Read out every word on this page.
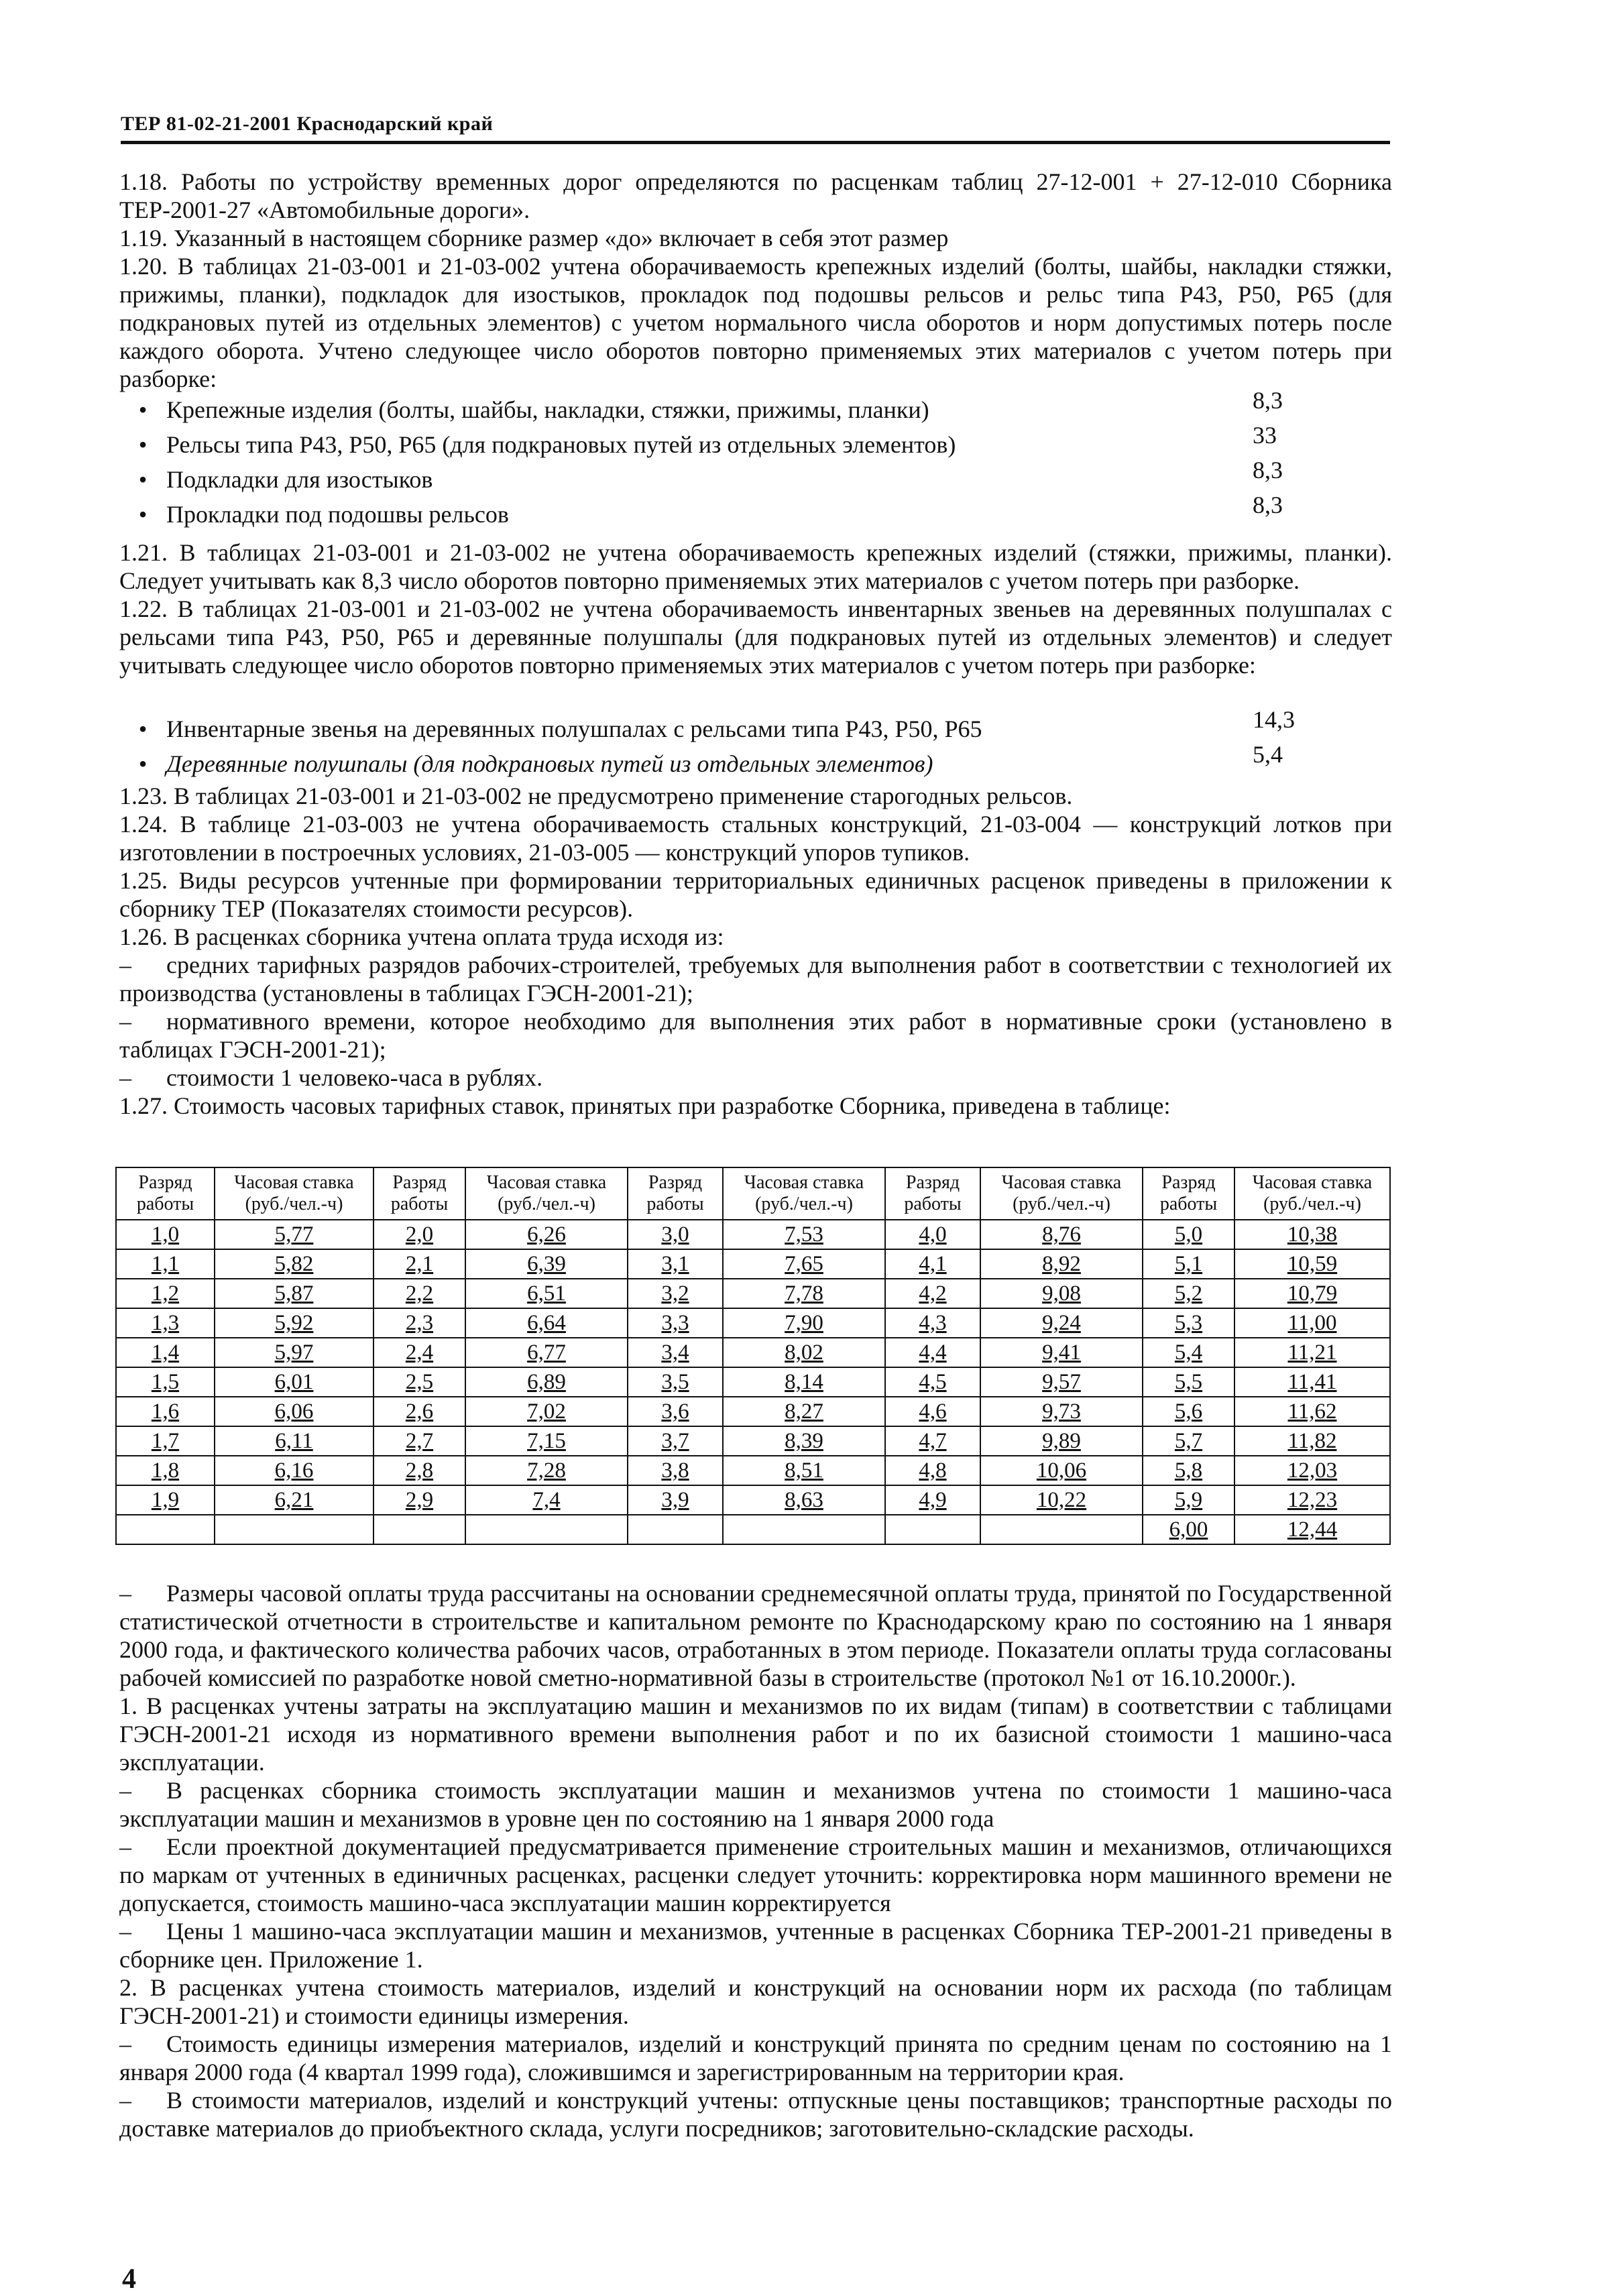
ТЕР 81-02-21-2001 Краснодарский край

1.18. Работы по устройству временных дорог определяются по расценкам таблиц 27-12-001 + 27-12-010 Сборника ТЕР-2001-27 «Автомобильные дороги».

1.19. Указанный в настоящем сборнике размер «до» включает в себя этот размер

1.20. В таблицах 21-03-001 и 21-03-002 учтена оборачиваемость крепежных изделий (болты, шайбы, накладки стяжки, прижимы, планки), подкладок для изостыков, прокладок под подошвы рельсов и рельс типа Р43, Р50, Р65 (для подкрановых путей из отдельных элементов) с учетом нормального числа оборотов и норм допустимых потерь после каждого оборота. Учтено следующее число оборотов повторно применяемых этих материалов с учетом потерь при разборке:

• Крепежные изделия (болты, шайбы, накладки, стяжки, прижимы, планки)	8,3
• Рельсы типа Р43, Р50, Р65 (для подкрановых путей из отдельных элементов)	33
• Подкладки для изостыков	8,3
• Прокладки под подошвы рельсов	8,3

1.21. В таблицах 21-03-001 и 21-03-002 не учтена оборачиваемость крепежных изделий (стяжки, прижимы, планки). Следует учитывать как 8,3 число оборотов повторно применяемых этих материалов с учетом потерь при разборке.

1.22. В таблицах 21-03-001 и 21-03-002 не учтена оборачиваемость инвентарных звеньев на деревянных полушпалах с рельсами типа Р43, Р50, Р65 и деревянные полушпалы (для подкрановых путей из отдельных элементов) и следует учитывать следующее число оборотов повторно применяемых этих материалов с учетом потерь при разборке:

• Инвентарные звенья на деревянных полушпалах с рельсами типа Р43, Р50, Р65	14,3
• Деревянные полушпалы (для подкрановых путей из отдельных элементов)	5,4

1.23. В таблицах 21-03-001 и 21-03-002 не предусмотрено применение старогодных рельсов.

1.24. В таблице 21-03-003 не учтена оборачиваемость стальных конструкций, 21-03-004 — конструкций лотков при изготовлении в построечных условиях, 21-03-005 — конструкций упоров тупиков.

1.25. Виды ресурсов учтенные при формировании территориальных единичных расценок приведены в приложении к сборнику ТЕР (Показателях стоимости ресурсов).

1.26. В расценках сборника учтена оплата труда исходя из:

– средних тарифных разрядов рабочих-строителей, требуемых для выполнения работ в соответствии с технологией их производства (установлены в таблицах ГЭСН-2001-21);

– нормативного времени, которое необходимо для выполнения этих работ в нормативные сроки (установлено в таблицах ГЭСН-2001-21);

– стоимости 1 человеко-часа в рублях.

1.27. Стоимость часовых тарифных ставок, принятых при разработке Сборника, приведена в таблице:

Разряд работы	Часовая ставка (руб./чел.-ч)	Разряд работы	Часовая ставка (руб./чел.-ч)	Разряд работы	Часовая ставка (руб./чел.-ч)	Разряд работы	Часовая ставка (руб./чел.-ч)	Разряд работы	Часовая ставка (руб./чел.-ч)
1,0	5,77	2,0	6,26	3,0	7,53	4,0	8,76	5,0	10,38
1,1	5,82	2,1	6,39	3,1	7,65	4,1	8,92	5,1	10,59
1,2	5,87	2,2	6,51	3,2	7,78	4,2	9,08	5,2	10,79
1,3	5,92	2,3	6,64	3,3	7,90	4,3	9,24	5,3	11,00
1,4	5,97	2,4	6,77	3,4	8,02	4,4	9,41	5,4	11,21
1,5	6,01	2,5	6,89	3,5	8,14	4,5	9,57	5,5	11,41
1,6	6,06	2,6	7,02	3,6	8,27	4,6	9,73	5,6	11,62
1,7	6,11	2,7	7,15	3,7	8,39	4,7	9,89	5,7	11,82
1,8	6,16	2,8	7,28	3,8	8,51	4,8	10,06	5,8	12,03
1,9	6,21	2,9	7,4	3,9	8,63	4,9	10,22	5,9	12,23
								6,00	12,44

– Размеры часовой оплаты труда рассчитаны на основании среднемесячной оплаты труда, принятой по Государственной статистической отчетности в строительстве и капитальном ремонте по Краснодарскому краю по состоянию на 1 января 2000 года, и фактического количества рабочих часов, отработанных в этом периоде. Показатели оплаты труда согласованы рабочей комиссией по разработке новой сметно-нормативной базы в строительстве (протокол №1 от 16.10.2000г.).

1. В расценках учтены затраты на эксплуатацию машин и механизмов по их видам (типам) в соответствии с таблицами ГЭСН-2001-21 исходя из нормативного времени выполнения работ и по их базисной стоимости 1 машино-часа эксплуатации.

– В расценках сборника стоимость эксплуатации машин и механизмов учтена по стоимости 1 машино-часа эксплуатации машин и механизмов в уровне цен по состоянию на 1 января 2000 года

– Если проектной документацией предусматривается применение строительных машин и механизмов, отличающихся по маркам от учтенных в единичных расценках, расценки следует уточнить: корректировка норм машинного времени не допускается, стоимость машино-часа эксплуатации машин корректируется

– Цены 1 машино-часа эксплуатации машин и механизмов, учтенные в расценках Сборника ТЕР-2001-21 приведены в сборнике цен. Приложение 1.

2. В расценках учтена стоимость материалов, изделий и конструкций на основании норм их расхода (по таблицам ГЭСН-2001-21) и стоимости единицы измерения.

– Стоимость единицы измерения материалов, изделий и конструкций принята по средним ценам по состоянию на 1 января 2000 года (4 квартал 1999 года), сложившимся и зарегистрированным на территории края.

– В стоимости материалов, изделий и конструкций учтены: отпускные цены поставщиков; транспортные расходы по доставке материалов до приобъектного склада, услуги посредников; заготовительно-складские расходы.

4
